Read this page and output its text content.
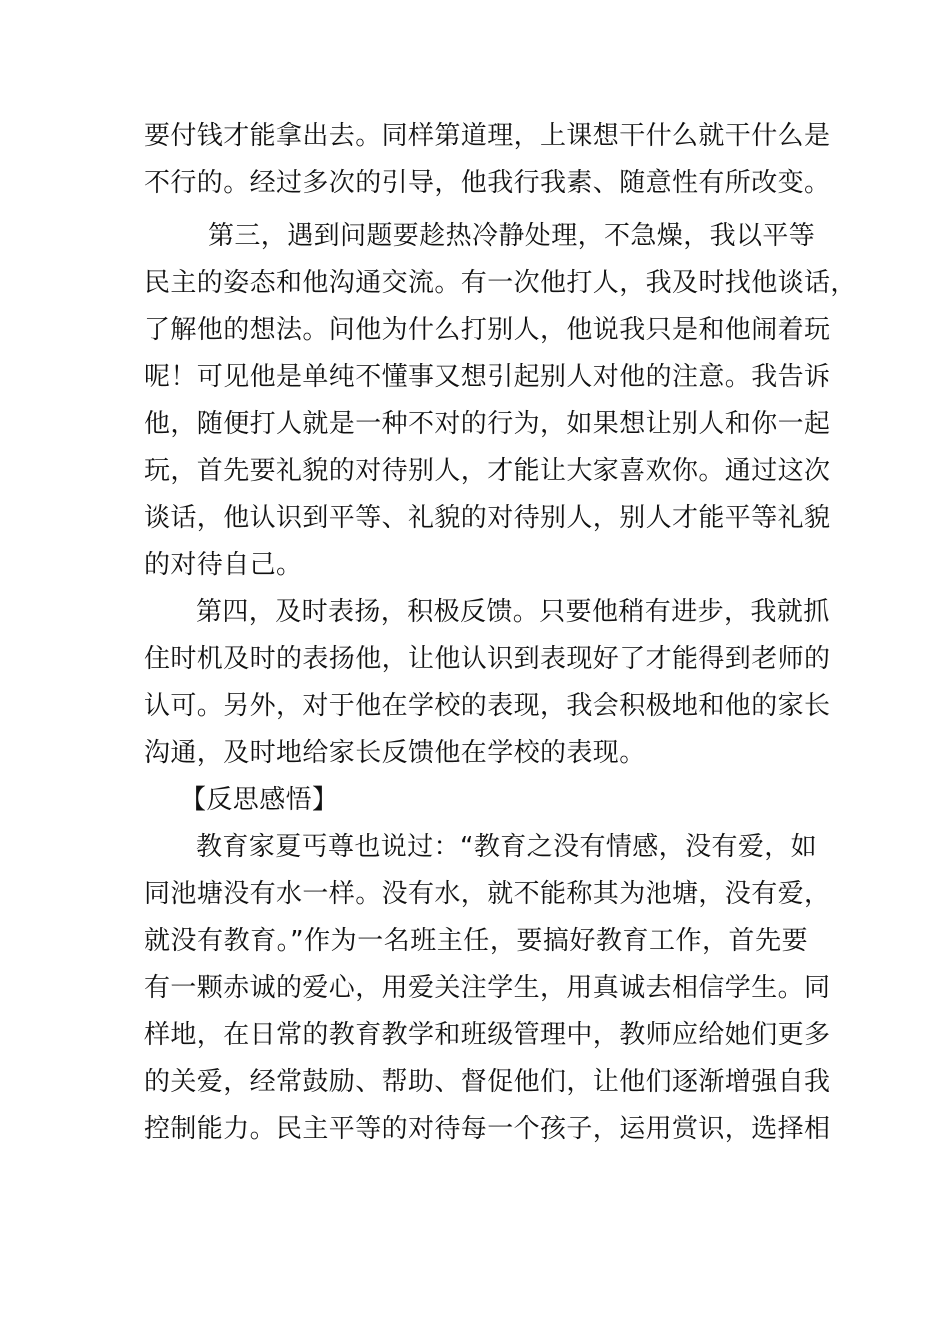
要付钱才能拿出去。同样第道理，上课想干什么就干什么是
不行的。经过多次的引导，他我行我素、随意性有所改变。
第三，遇到问题要趁热冷静处理，不急燥，我以平等
民主的姿态和他沟通交流。有一次他打人，我及时找他谈话，
了解他的想法。问他为什么打别人，他说我只是和他闹着玩
呢！可见他是单纯不懂事又想引起别人对他的注意。我告诉
他，随便打人就是一种不对的行为，如果想让别人和你一起
玩，首先要礼貌的对待别人，才能让大家喜欢你。通过这次
谈话，他认识到平等、礼貌的对待别人，别人才能平等礼貌
的对待自己。
第四，及时表扬，积极反馈。只要他稍有进步，我就抓
住时机及时的表扬他，让他认识到表现好了才能得到老师的
认可。另外，对于他在学校的表现，我会积极地和他的家长
沟通，及时地给家长反馈他在学校的表现。
【反思感悟】
教育家夏丐尊也说过：“教育之没有情感，没有爱，如
同池塘没有水一样。没有水，就不能称其为池塘，没有爱，
就没有教育。”作为一名班主任，要搞好教育工作，首先要
有一颗赤诚的爱心，用爱关注学生，用真诚去相信学生。同
样地，在日常的教育教学和班级管理中，教师应给她们更多
的关爱，经常鼓励、帮助、督促他们，让他们逐渐增强自我
控制能力。民主平等的对待每一个孩子，运用赏识，选择相
